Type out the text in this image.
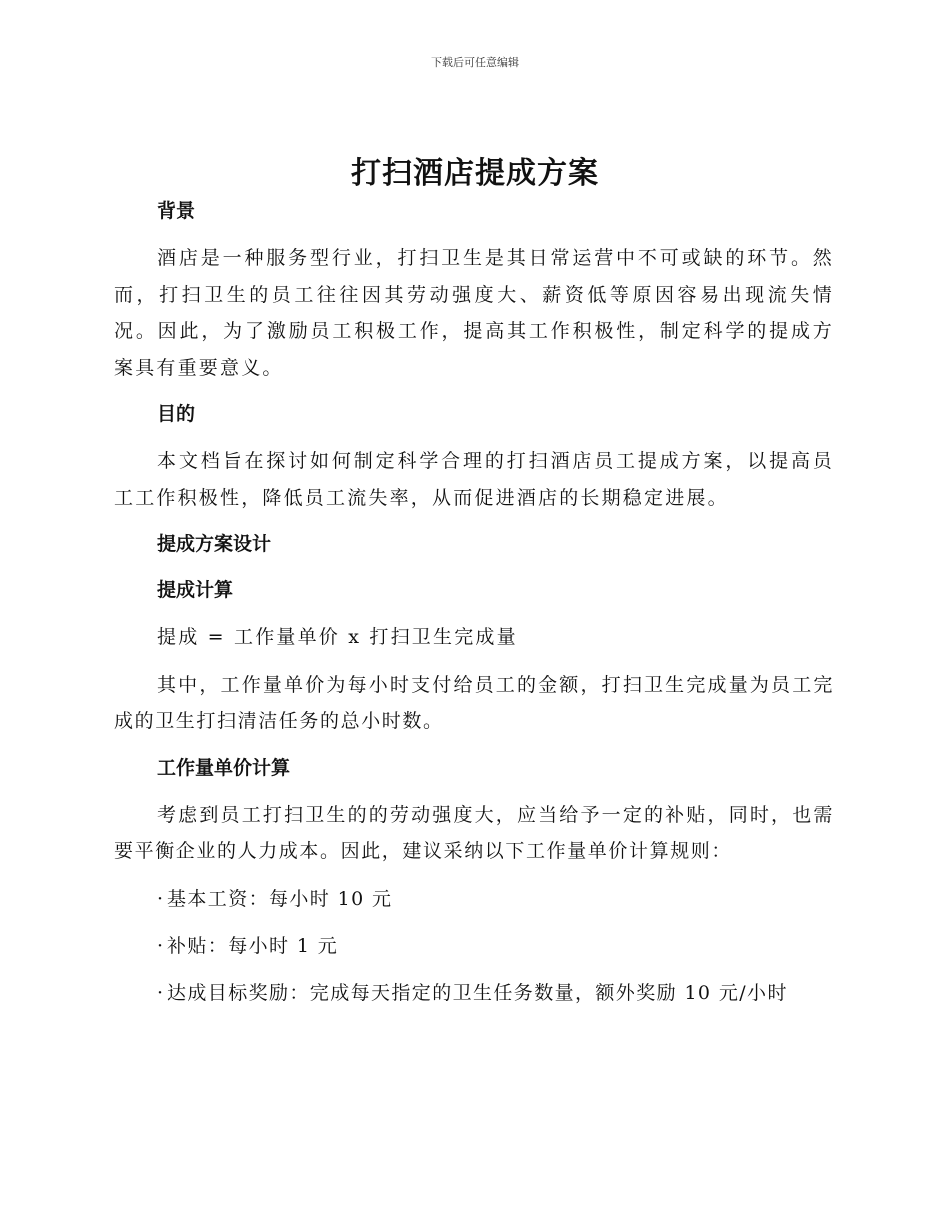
下载后可任意编辑
打扫酒店提成方案
背景

酒店是一种服务型行业，打扫卫生是其日常运营中不可或缺的环节。然而，打扫卫生的员工往往因其劳动强度大、薪资低等原因容易出现流失情况。因此，为了激励员工积极工作，提高其工作积极性，制定科学的提成方案具有重要意义。

目的

本文档旨在探讨如何制定科学合理的打扫酒店员工提成方案，以提高员工工作积极性，降低员工流失率，从而促进酒店的长期稳定进展。

提成方案设计
提成计算

提成 = 工作量单价 x 打扫卫生完成量

其中，工作量单价为每小时支付给员工的金额，打扫卫生完成量为员工完成的卫生打扫清洁任务的总小时数。

工作量单价计算

考虑到员工打扫卫生的的劳动强度大，应当给予一定的补贴，同时，也需要平衡企业的人力成本。因此，建议采纳以下工作量单价计算规则：

· 基本工资：每小时 10 元
· 补贴：每小时 1 元
· 达成目标奖励：完成每天指定的卫生任务数量，额外奖励 10 元/小时
